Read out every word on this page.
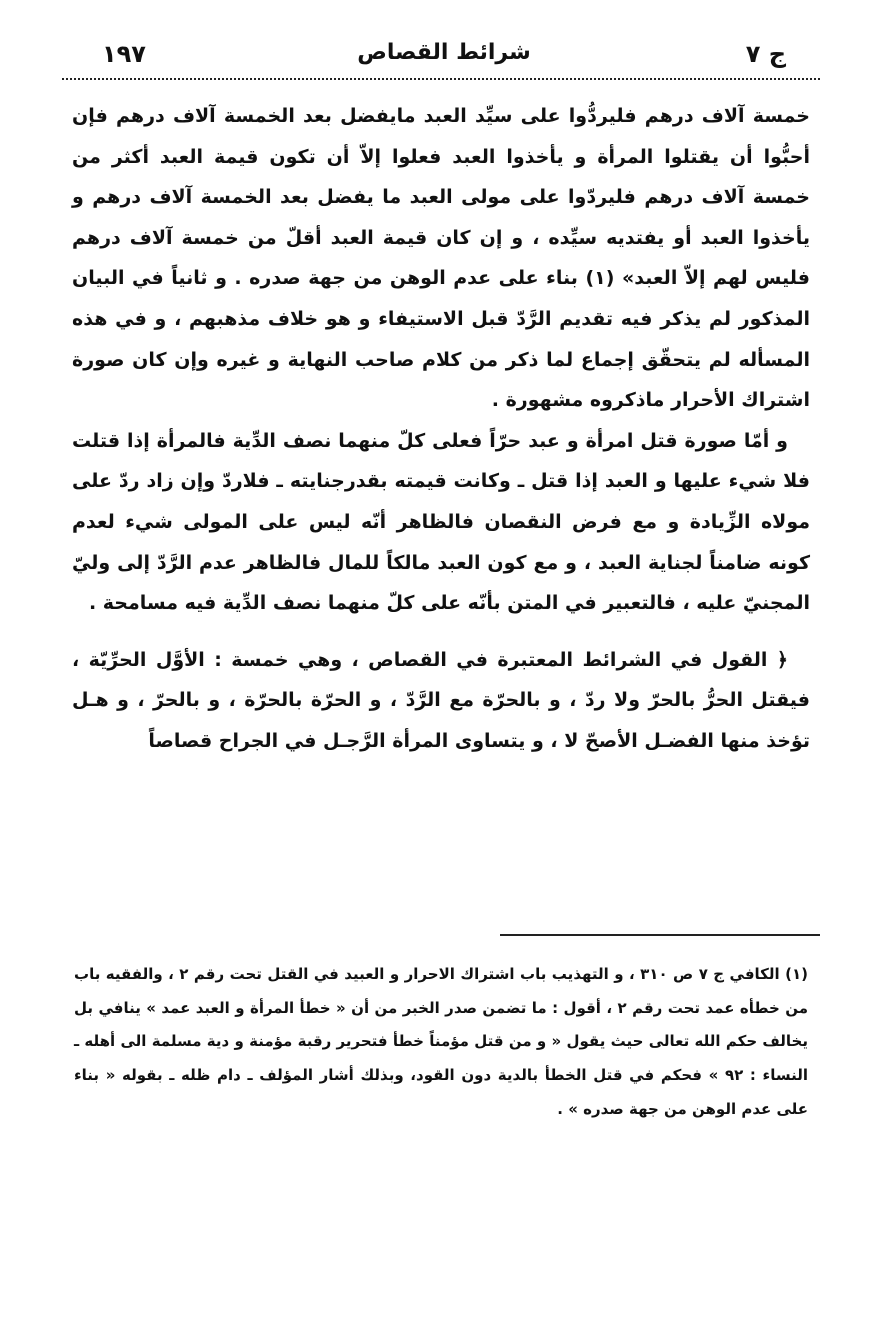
١٩٧	شرائط القصاص	ج ٧

خمسة آلاف درهم فليردُّوا على سيِّد العبد مايفضل بعد الخمسة آلاف درهم فإن أحبُّوا أن يقتلوا المرأة و يأخذوا العبد فعلوا إلاّ أن تكون قيمة العبد أكثر من خمسة آلاف درهم فليردّوا على مولى العبد ما يفضل بعد الخمسة آلاف درهم و يأخذوا العبد أو يفتديه سيِّده ، و إن كان قيمة العبد أقلّ من خمسة آلاف درهم فليس لهم إلاّ العبد» (١) بناء على عدم الوهن من جهة صدره . و ثانياً في البيان المذكور لم يذكر فيه تقديم الرَّدّ قبل الاستيفاء و هو خلاف مذهبهم ، و في هذه المسأله لم يتحقّق إجماع لما ذكر من كلام صاحب النهاية و غيره وإن كان صورة اشتراك الأحرار ماذكروه مشهورة .

و أمّا صورة قتل امرأة و عبد حرّاً فعلى كلّ منهما نصف الدِّية فالمرأة إذا قتلت فلا شيء عليها و العبد إذا قتل ـ وكانت قيمته بقدرجنايته ـ فلاردّ وإن زاد ردّ على مولاه الزِّيادة و مع فرض النقصان فالظاهر أنّه ليس على المولى شيء لعدم كونه ضامناً لجناية العبد ، و مع كون العبد مالكاً للمال فالظاهر عدم الرَّدّ إلى وليّ المجنيّ عليه ، فالتعبير في المتن بأنّه على كلّ منهما نصف الدِّية فيه مسامحة .

﴿ القول في الشرائط المعتبرة في القصاص ، وهي خمسة : الأوَّل الحرِّيّة ، فيقتل الحرُّ بالحرّ ولا ردّ ، و بالحرّة مع الرَّدّ ، و الحرّة بالحرّة ، و بالحرّ ، و هـل تؤخذ منها الفضـل الأصحّ لا ، و يتساوى المرأة الرَّجـل في الجراح قصاصاً

(١) الكافي ج ٧ ص ٣١٠ ، و التهذيب باب اشتراك الاحرار و العبيد في القتل تحت رقم ٢ ، والفقيه باب من خطأه عمد تحت رقم ٢ ، أقول : ما تضمن صدر الخبر من أن « خطأ المرأة و العبد عمد » ينافي بل يخالف حكم الله تعالى حيث يقول « و من قتل مؤمناً خطأ فتحرير رقبة مؤمنة و دية مسلمة الى أهله ـ النساء : ٩٢ » فحكم في قتل الخطأ بالدية دون القود، وبذلك أشار المؤلف ـ دام ظله ـ بقوله « بناء على عدم الوهن من جهة صدره » .
